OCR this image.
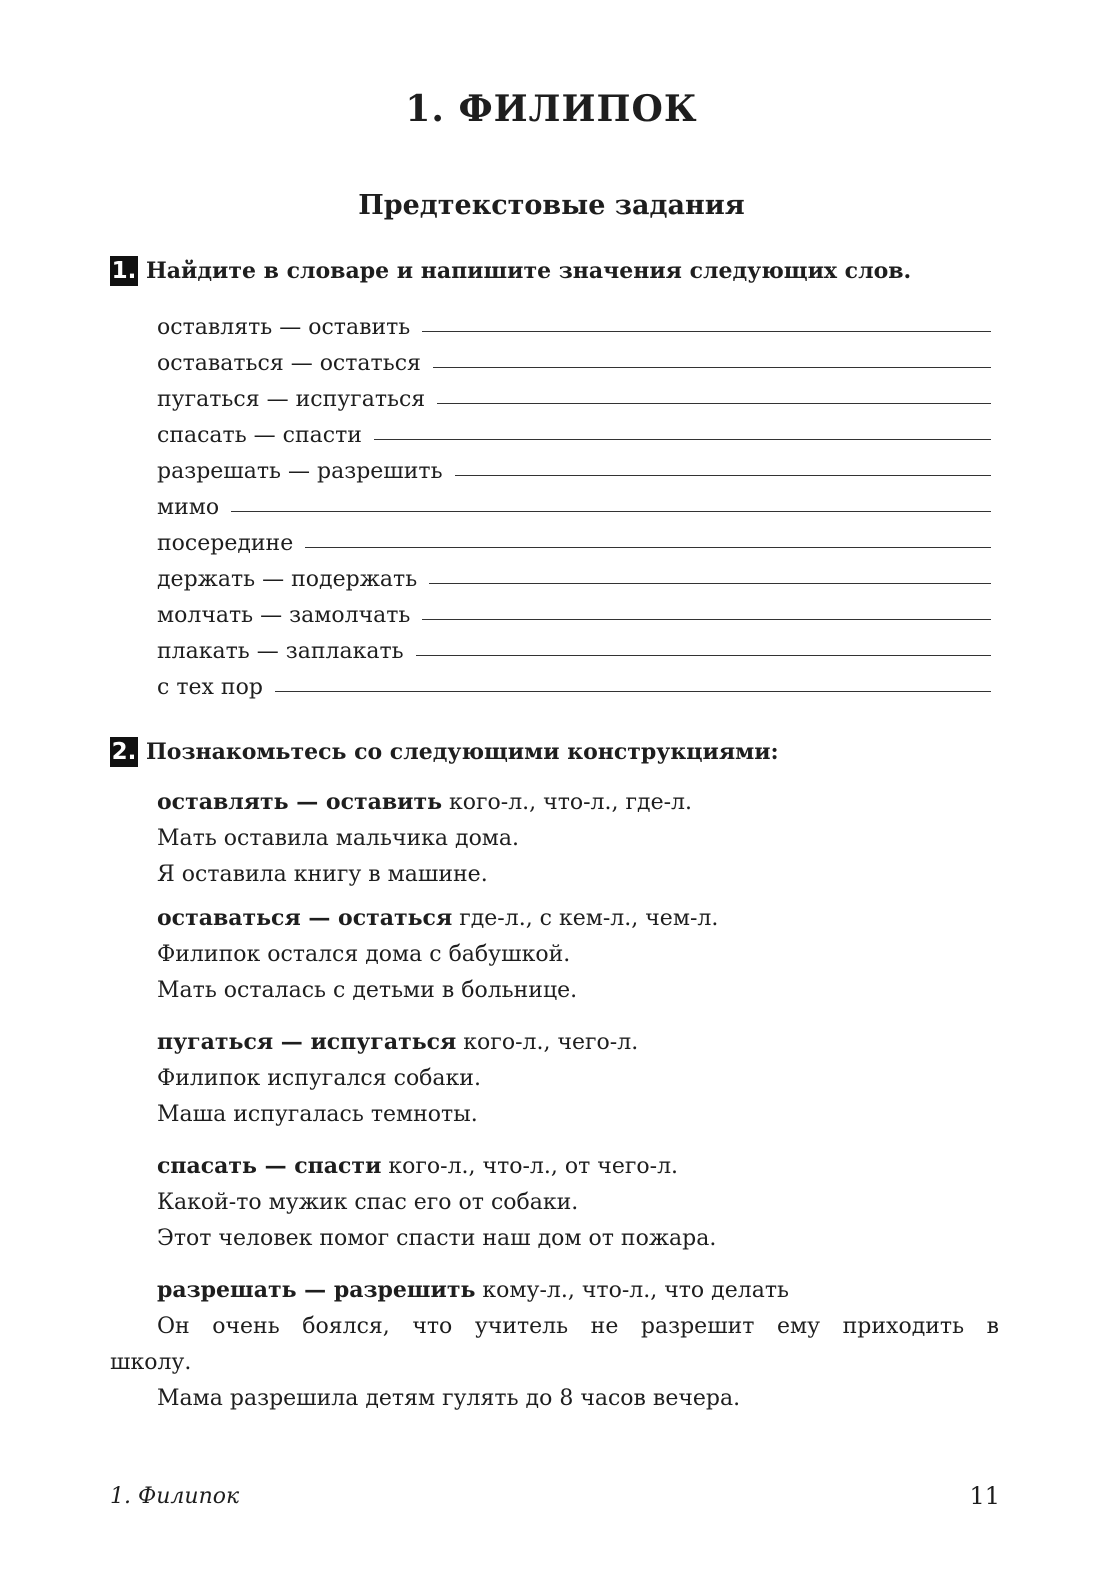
1. ФИЛИПОК
Предтекстовые задания
1. Найдите в словаре и напишите значения следующих слов.
оставлять — оставить
оставаться — остаться
пугаться — испугаться
спасать — спасти
разрешать — разрешить
мимо
посередине
держать — подержать
молчать — замолчать
плакать — заплакать
с тех пор
2. Познакомьтесь со следующими конструкциями:

оставлять — оставить кого-л., что-л., где-л.

Мать оставила мальчика дома.

Я оставила книгу в машине.

оставаться — остаться где-л., с кем-л., чем-л.

Филипок остался дома с бабушкой.

Мать осталась с детьми в больнице.

пугаться — испугаться кого-л., чего-л.

Филипок испугался собаки.

Маша испугалась темноты.

спасать — спасти кого-л., что-л., от чего-л.

Какой-то мужик спас его от собаки.

Этот человек помог спасти наш дом от пожара.

разрешать — разрешить кому-л., что-л., что делать

Он очень боялся, что учитель не разрешит ему приходить в

школу.

Мама разрешила детям гулять до 8 часов вечера.

1. Филипок	11
